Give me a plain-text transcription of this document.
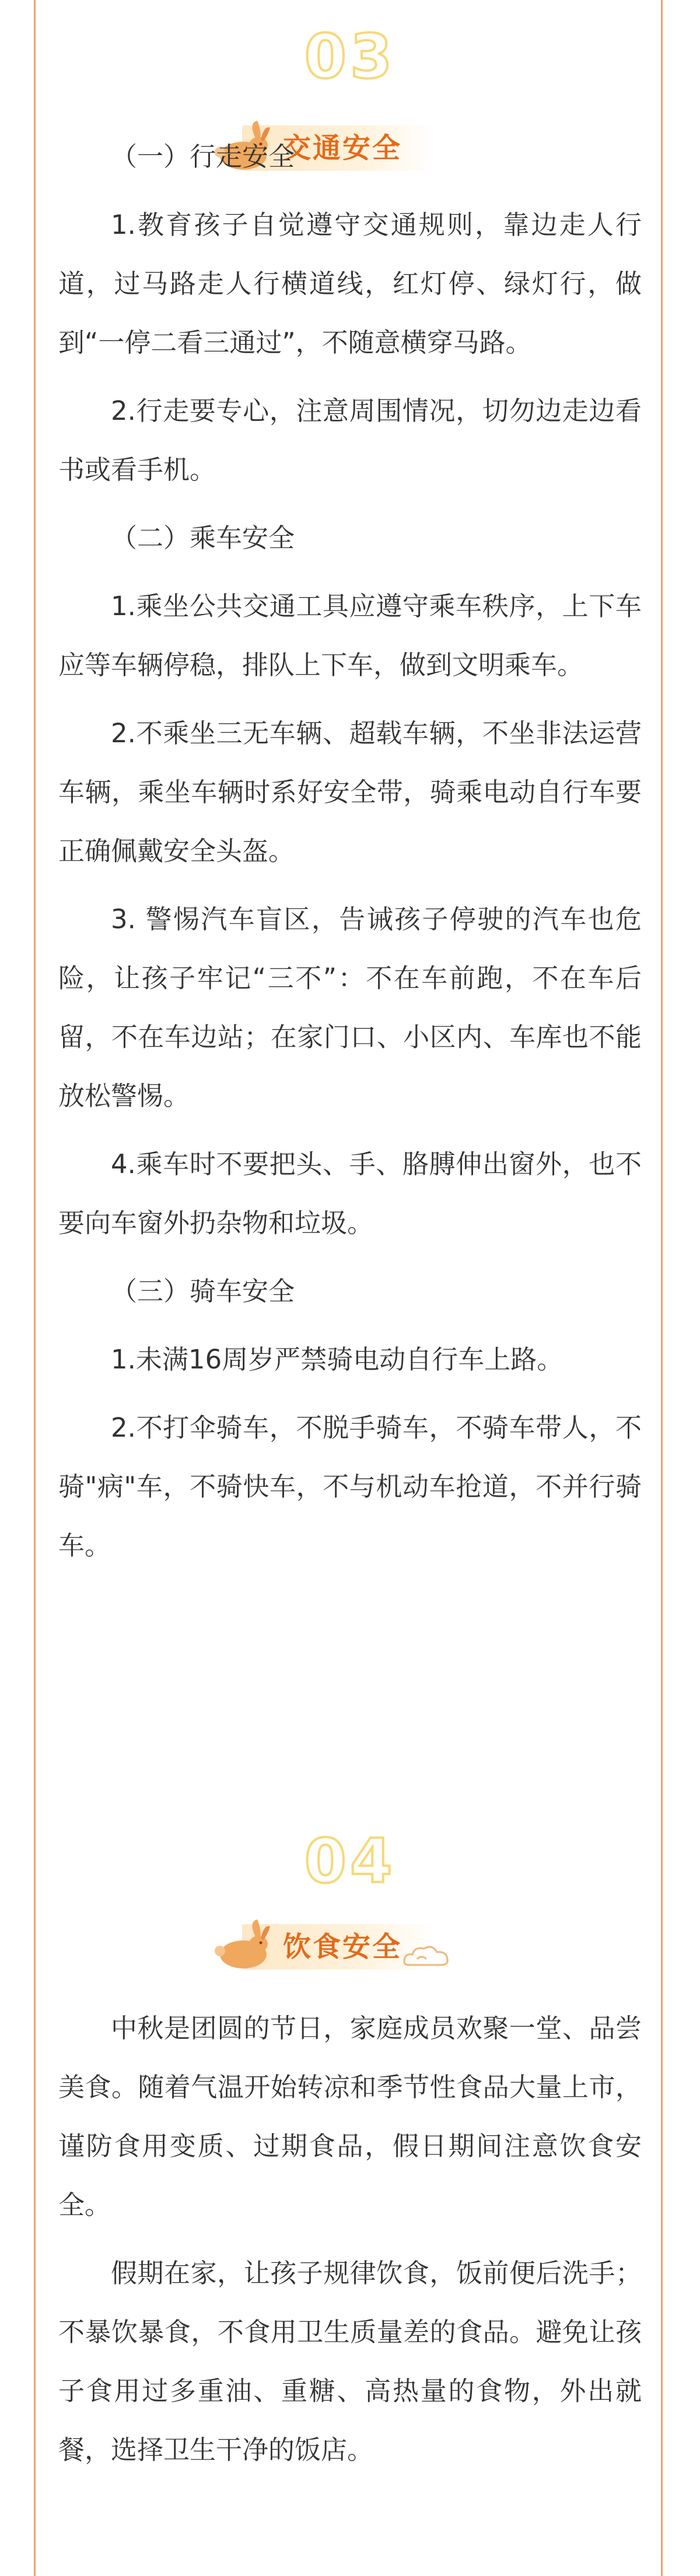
03
交通安全

（一）行走安全

1.教育孩子自觉遵守交通规则，靠边走人行道，过马路走人行横道线，红灯停、绿灯行，做到“一停二看三通过”，不随意横穿马路。

2.行走要专心，注意周围情况，切勿边走边看书或看手机。

（二）乘车安全

1.乘坐公共交通工具应遵守乘车秩序，上下车应等车辆停稳，排队上下车，做到文明乘车。

2.不乘坐三无车辆、超载车辆，不坐非法运营车辆，乘坐车辆时系好安全带，骑乘电动自行车要正确佩戴安全头盔。

3. 警惕汽车盲区，告诫孩子停驶的汽车也危险，让孩子牢记“三不”：不在车前跑，不在车后留，不在车边站；在家门口、小区内、车库也不能放松警惕。

4.乘车时不要把头、手、胳膊伸出窗外，也不要向车窗外扔杂物和垃圾。

（三）骑车安全

1.未满16周岁严禁骑电动自行车上路。

2.不打伞骑车，不脱手骑车，不骑车带人，不骑"病"车，不骑快车，不与机动车抢道，不并行骑车。

04
饮食安全

中秋是团圆的节日，家庭成员欢聚一堂、品尝美食。随着气温开始转凉和季节性食品大量上市，谨防食用变质、过期食品，假日期间注意饮食安全。

假期在家，让孩子规律饮食，饭前便后洗手；不暴饮暴食，不食用卫生质量差的食品。避免让孩子食用过多重油、重糖、高热量的食物，外出就餐，选择卫生干净的饭店。
